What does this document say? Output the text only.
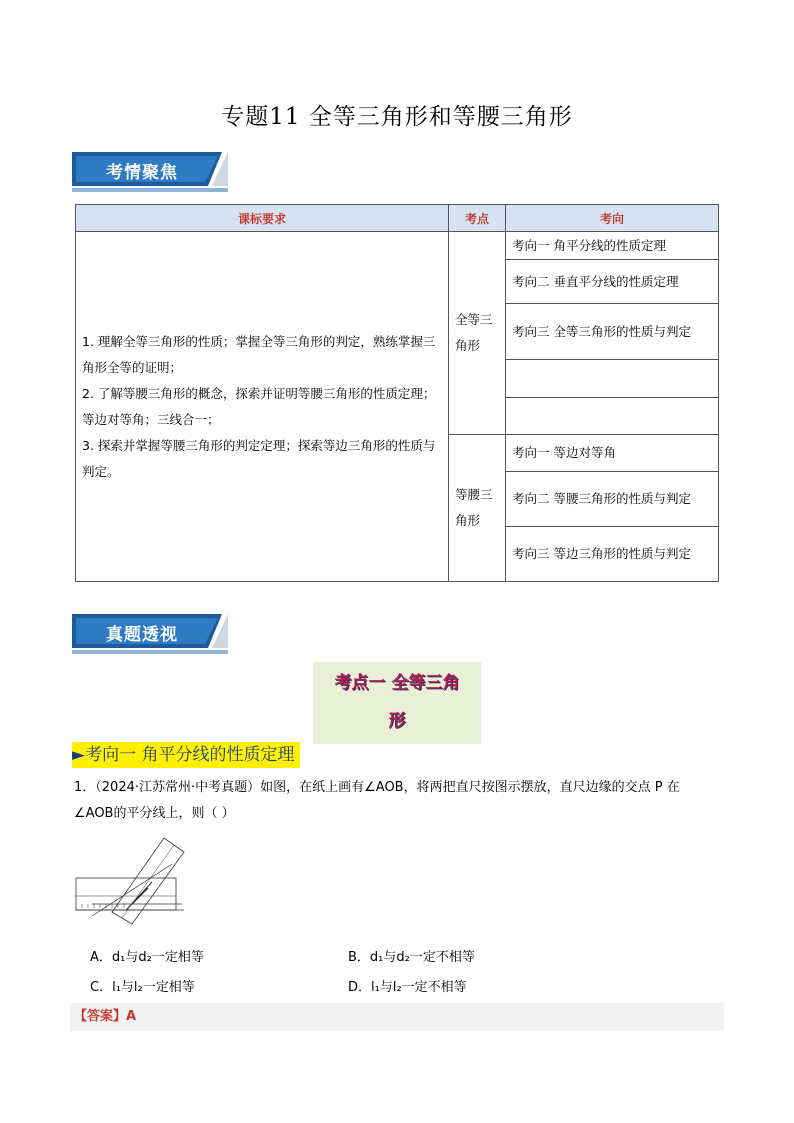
专题11 全等三角形和等腰三角形
考情聚焦
课标要求	考点	考向

1. 理解全等三角形的性质；掌握全等三角形的判定，熟练掌握三角形全等的证明；

2. 了解等腰三角形的概念，探索并证明等腰三角形的性质定理；等边对等角；三线合一；

3. 探索并掌握等腰三角形的判定定理；探索等边三角形的性质与判定。	全等三角形	考向一 角平分线的性质定理
		考向二 垂直平分线的性质定理
		考向三 全等三角形的性质与判定

	等腰三角形	考向一 等边对等角
		考向二 等腰三角形的性质与判定
		考向三 等边三角形的性质与判定
真题透视
考点一 全等三角
形
►考向一 角平分线的性质定理
1．（2024·江苏常州·中考真题）如图，在纸上画有∠AOB，将两把直尺按图示摆放，直尺边缘的交点 P 在
∠AOB的平分线上，则（ ）
A．d₁与d₂一定相等	B．d₁与d₂一定不相等
C．l₁与l₂一定相等	D．l₁与l₂一定不相等
【答案】A
